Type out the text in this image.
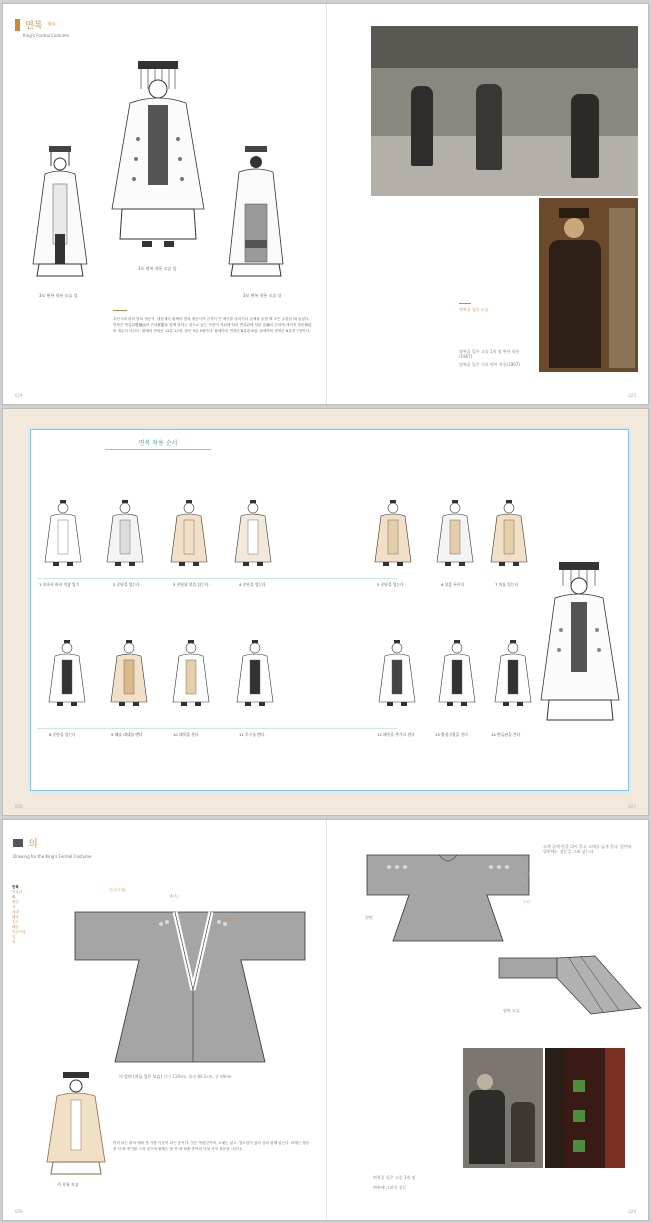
면복 명복
King's Formal Costume
3모 면복 착용 모습 앞
3모 면복 착용 모습 앞
3모 면복 착용 모습 뒤
조선시대 왕의 법복 예공식, 대한제국 황제의 법복 예공식이 규격이 큰 예식을 올리거나 존례를 올릴 때 모든 주관한 때 입었다. 면복은 면류관冕旒冠과 곤복袞服을 함께 말하는 것으로 있는 사람이 지위에 따라 면류관에 달린 류旒의 곤복에 새겨진 장문章紋의 개수가 다르다. 황제의 면복은 12류 12장, 왕은 9류 9장이다. 황세자의 면복은 8류관 8장, 왕세자의 면복은 8류면 7장이다.
면복을 입은 모습
명복을 입은 고종 1개 명 면복 착용(1907)
명복을 입은 기보 면복 착용(1907)
024	025
면복 착용 순서
1 속바지 바지 적삼 입기	2 중단을 입는다	3 중단위 덧을 입는다	4 중단을 입는다	5 중단을 입는다	6 상을 두른다	7 의를 입는다
8 중단을 입는다	9 폐슬 대대를 맨다	10 패옥을 찬다	11 후수를 맨다	12 패옥을 추가로 찬다	13 방심곡령을 건다	14 면류관을 쓴다
026	027
의
Drawing for the King's Formal Costume
면복
면류관
의
중단
상
대대
패옥
후수
폐슬
방심곡령
말
석
깃(깃고대)
대(大)
옷고름
의 앞면 (의를 입은 모습) 길이 119cm, 화장 86.5cm, 품 49cm
의 착용 모습
면의 의는 왕의 예복 중 가장 기본이 되는 옷이다. 깃은 목판깃이며, 소매는 넓고, 옆트임이 있어 상과 함께 입는다. 의에는 장문 중 산·화·종이를 그려 넣으며 황제는 용·산·화·화충·종이의 다섯 가지 장문을 그린다.
뒷면
깃
소매
섶
도련
소매 끝에 단을 대지 않고 소매를 넓게 한다. 앞면과 뒷면에는 장문을 그려 넣는다.
옆면 모습
면복을 입은 고종 1개 명
면복에 그려진 장문
028	029
